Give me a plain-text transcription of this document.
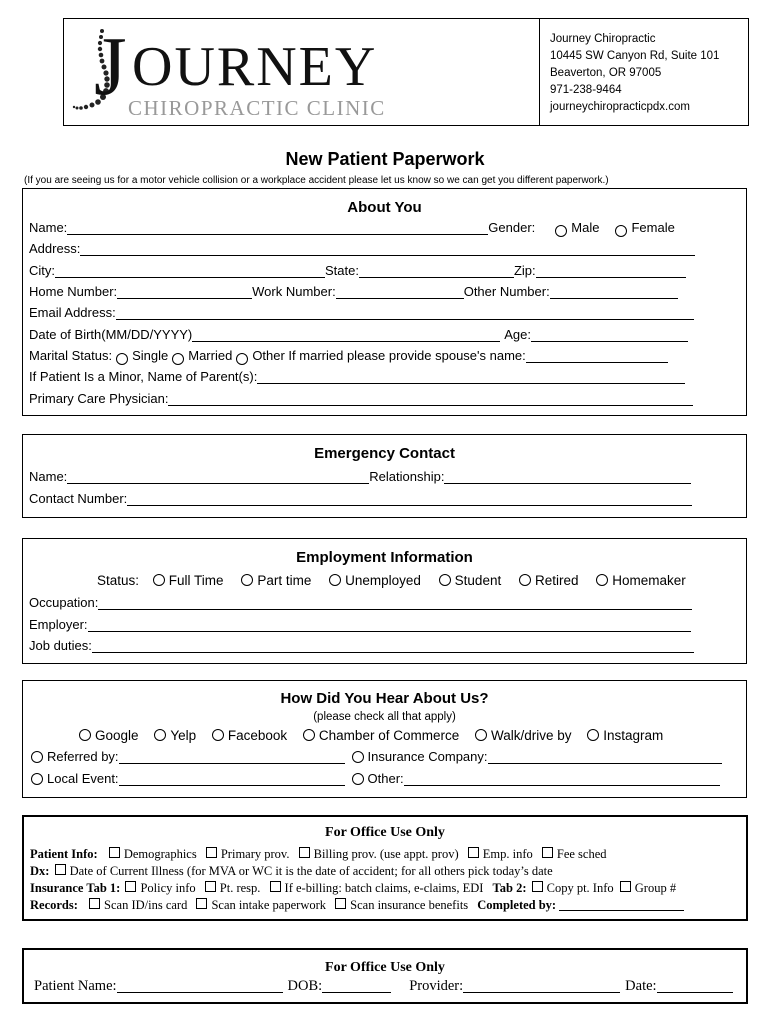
J OURNEY
CHIROPRACTIC CLINIC
Journey Chiropractic
10445 SW Canyon Rd, Suite 101
Beaverton, OR 97005
971-238-9464
journeychiropracticpdx.com
New Patient Paperwork
(If you are seeing us for a motor vehicle collision or a workplace accident please let us know so we can get you different paperwork.)
About You
Name:	Gender:	Male Female
Address:
City:	State:	Zip:
Home Number:	Work Number:	Other Number:
Email Address:
Date of Birth(MM/DD/YYYY)	Age:
Marital Status: Single Married Other If married please provide spouse's name:
If Patient Is a Minor, Name of Parent(s):
Primary Care Physician:
Emergency Contact
Name:	Relationship:
Contact Number:
Employment Information
Status: Full Time	Part time	Unemployed	Student	Retired	Homemaker
Occupation:
Employer:
Job duties:
How Did You Hear About Us?
(please check all that apply)
Google Yelp Facebook Chamber of Commerce Walk/drive by Instagram
Referred by:	Insurance Company:
Local Event:	Other:
For Office Use Only
Patient Info: Demographics Primary prov. Billing prov. (use appt. prov) Emp. info Fee sched
Dx: Date of Current Illness (for MVA or WC it is the date of accident; for all others pick today’s date
Insurance Tab 1: Policy info Pt. resp. If e-billing: batch claims, e-claims, EDI Tab 2: Copy pt. Info Group #
Records: Scan ID/ins card Scan intake paperwork Scan insurance benefits Completed by:
For Office Use Only
Patient Name:	DOB:	Provider:	Date:
